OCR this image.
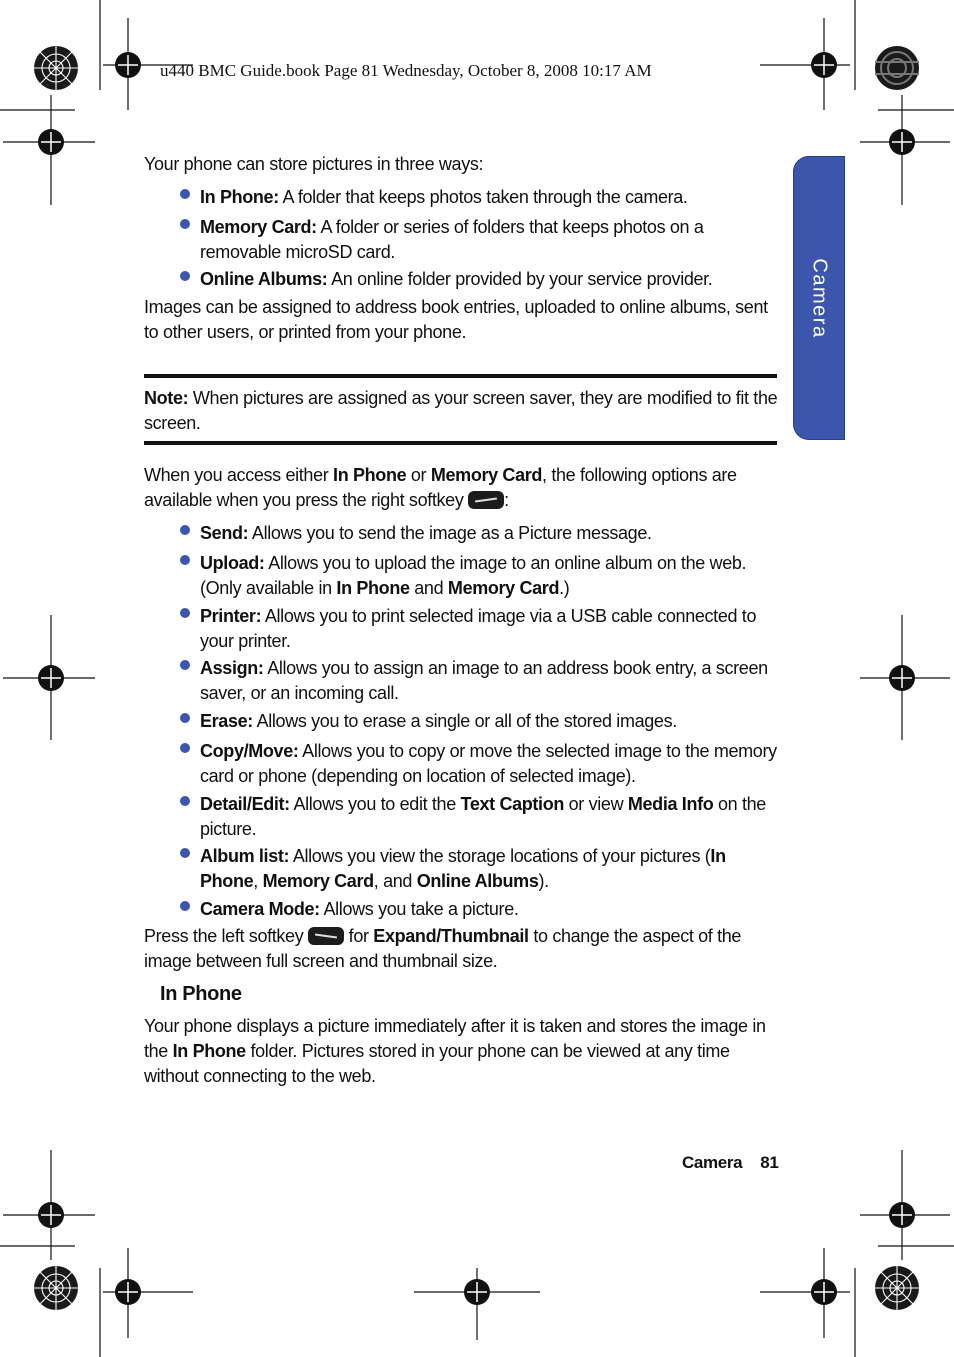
u440 BMC Guide.book Page 81 Wednesday, October 8, 2008 10:17 AM
Camera
Your phone can store pictures in three ways:
In Phone: A folder that keeps photos taken through the camera.
Memory Card: A folder or series of folders that keeps photos on a removable microSD card.
Online Albums: An online folder provided by your service provider.
Images can be assigned to address book entries, uploaded to online albums, sent to other users, or printed from your phone.
Note: When pictures are assigned as your screen saver, they are modified to fit the screen.
When you access either In Phone or Memory Card, the following options are available when you press the right softkey :
Send: Allows you to send the image as a Picture message.
Upload: Allows you to upload the image to an online album on the web. (Only available in In Phone and Memory Card.)
Printer: Allows you to print selected image via a USB cable connected to your printer.
Assign: Allows you to assign an image to an address book entry, a screen saver, or an incoming call.
Erase: Allows you to erase a single or all of the stored images.
Copy/Move: Allows you to copy or move the selected image to the memory card or phone (depending on location of selected image).
Detail/Edit: Allows you to edit the Text Caption or view Media Info on the picture.
Album list: Allows you view the storage locations of your pictures (In Phone, Memory Card, and Online Albums).
Camera Mode: Allows you take a picture.
Press the left softkey  for Expand/Thumbnail to change the aspect of the image between full screen and thumbnail size.
In Phone
Your phone displays a picture immediately after it is taken and stores the image in the In Phone folder. Pictures stored in your phone can be viewed at any time without connecting to the web.
Camera 81
